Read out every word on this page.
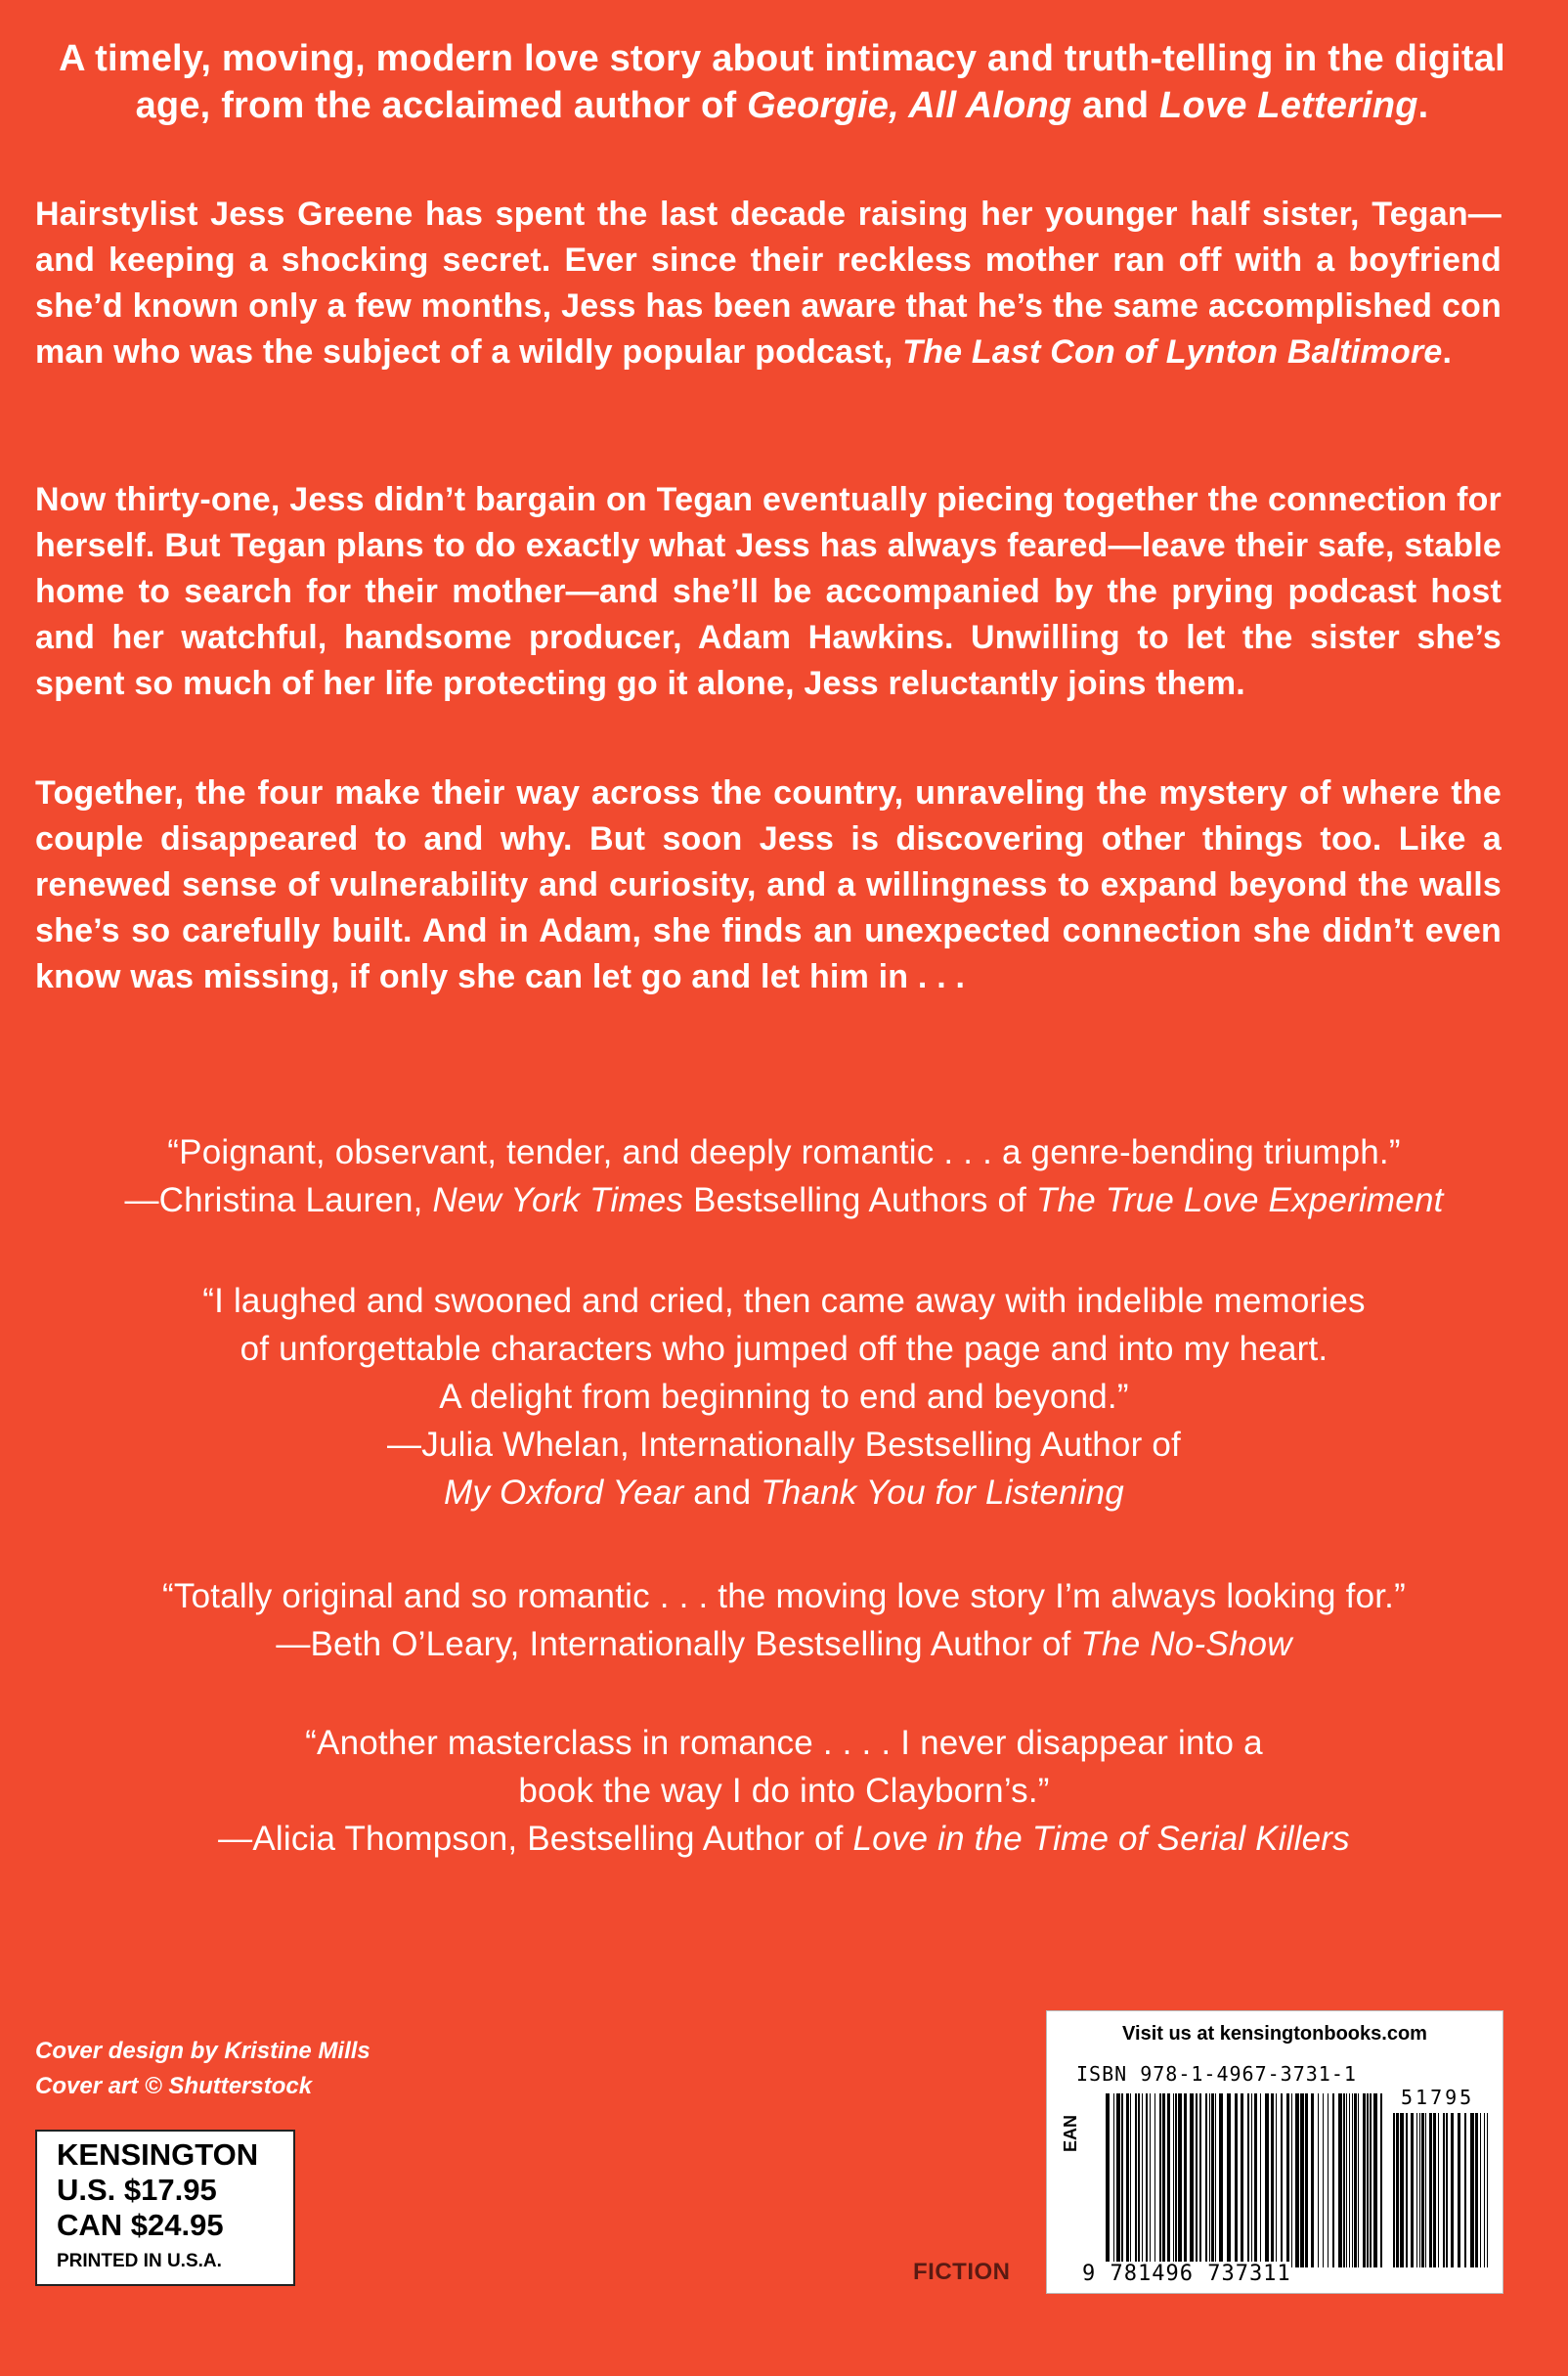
A timely, moving, modern love story about intimacy and truth-telling in the digital age, from the acclaimed author of Georgie, All Along and Love Lettering.
Hairstylist Jess Greene has spent the last decade raising her younger half sister, Tegan—and keeping a shocking secret. Ever since their reckless mother ran off with a boyfriend she’d known only a few months, Jess has been aware that he’s the same accomplished con man who was the subject of a wildly popular podcast, The Last Con of Lynton Baltimore.
Now thirty-one, Jess didn’t bargain on Tegan eventually piecing together the connection for herself. But Tegan plans to do exactly what Jess has always feared—leave their safe, stable home to search for their mother—and she’ll be accompanied by the prying podcast host and her watchful, handsome producer, Adam Hawkins. Unwilling to let the sister she’s spent so much of her life protecting go it alone, Jess reluctantly joins them.
Together, the four make their way across the country, unraveling the mystery of where the couple disappeared to and why. But soon Jess is discovering other things too. Like a renewed sense of vulnerability and curiosity, and a willingness to expand beyond the walls she’s so carefully built. And in Adam, she finds an unexpected connection she didn’t even know was missing, if only she can let go and let him in . . .
“Poignant, observant, tender, and deeply romantic . . . a genre-bending triumph.”
—Christina Lauren, New York Times Bestselling Authors of The True Love Experiment
“I laughed and swooned and cried, then came away with indelible memories
of unforgettable characters who jumped off the page and into my heart.
A delight from beginning to end and beyond.”
—Julia Whelan, Internationally Bestselling Author of
My Oxford Year and Thank You for Listening
“Totally original and so romantic . . . the moving love story I’m always looking for.”
—Beth O’Leary, Internationally Bestselling Author of The No-Show
“Another masterclass in romance . . . . I never disappear into a
book the way I do into Clayborn’s.”
—Alicia Thompson, Bestselling Author of Love in the Time of Serial Killers
Cover design by Kristine Mills
Cover art © Shutterstock
KENSINGTON
U.S. $17.95
CAN $24.95
PRINTED IN U.S.A.	FICTION
Visit us at kensingtonbooks.com
ISBN 978-1-4967-3731-1
EAN
51795
9 781496 737311
